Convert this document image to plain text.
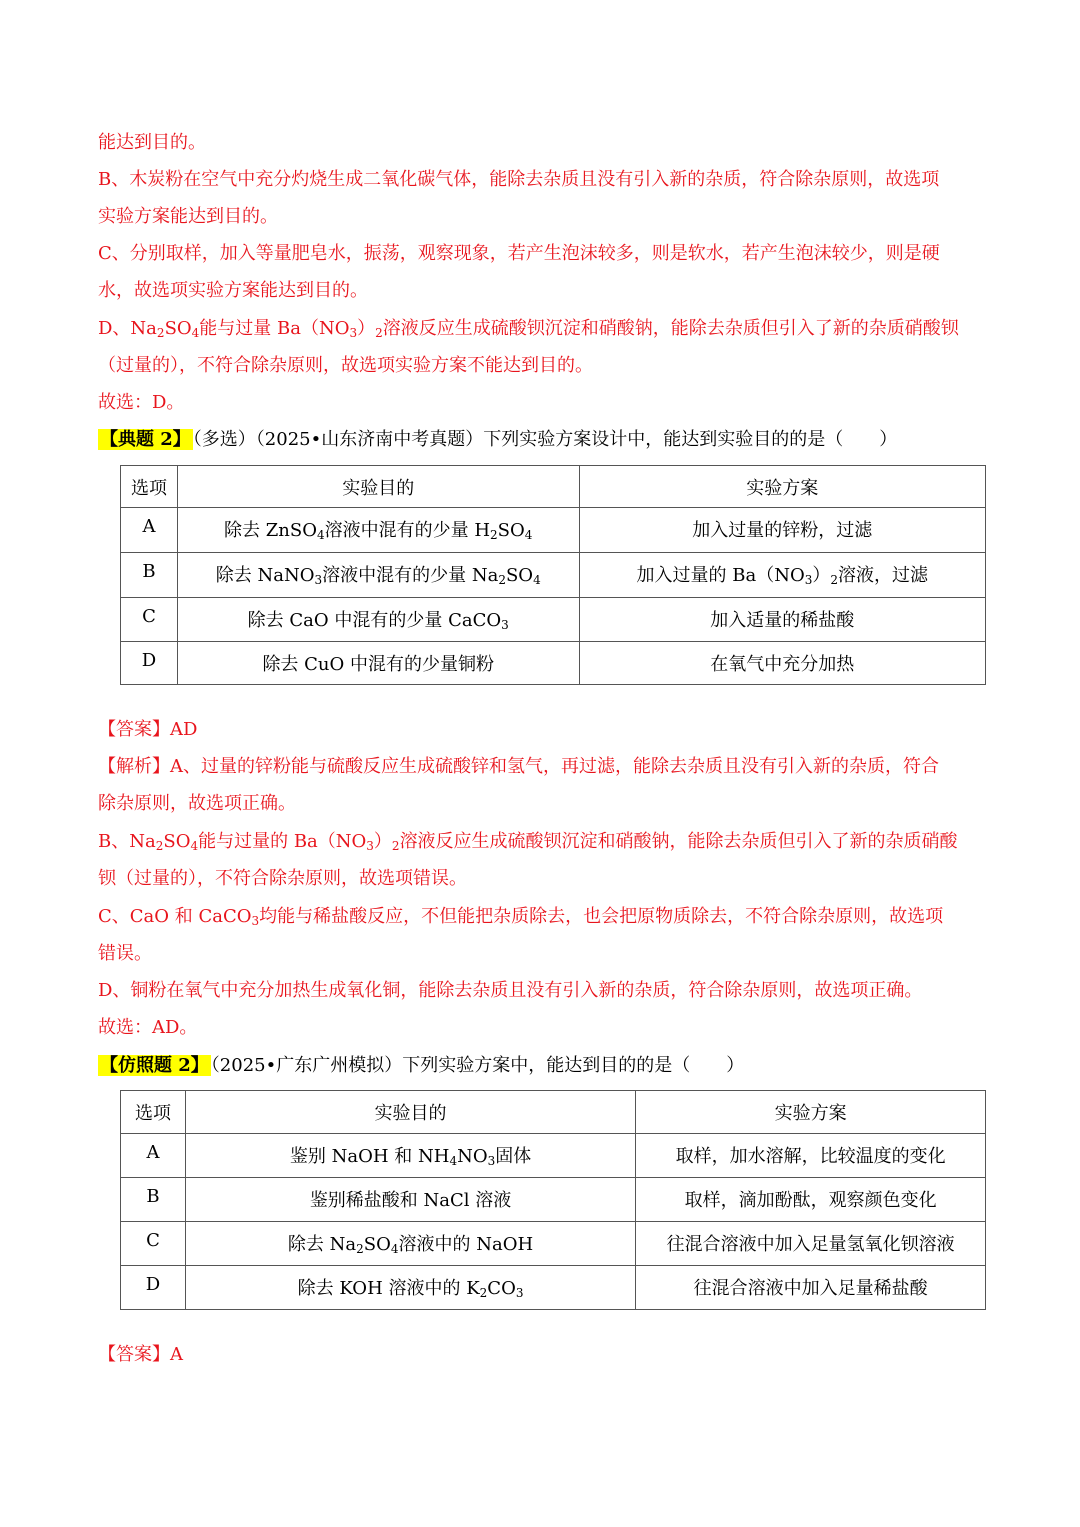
能达到目的。
B、木炭粉在空气中充分灼烧生成二氧化碳气体，能除去杂质且没有引入新的杂质，符合除杂原则，故选项
实验方案能达到目的。
C、分别取样，加入等量肥皂水，振荡，观察现象，若产生泡沫较多，则是软水，若产生泡沫较少，则是硬
水，故选项实验方案能达到目的。
D、$Na_2SO_4$能与过量 $Ba(NO_3)_2$溶液反应生成硫酸钡沉淀和硝酸钠，能除去杂质但引入了新的杂质硝酸钡
（过量的），不符合除杂原则，故选项实验方案不能达到目的。
故选：D。
【典题 2】 （多选）（2025•山东济南中考真题）下列实验方案设计中，能达到实验目的的是（　　）
选项	实验目的	实验方案
A	除去 ZnSO$_4$溶液中混有的少量 $H_2SO_4$	加入过量的锌粉，过滤
B	除去 NaNO$_3$溶液中混有的少量 $Na_2SO_4$	加入过量的 $Ba(NO_3)_2$溶液，过滤
C	除去 CaO 中混有的少量 CaCO$_3$	加入适量的稀盐酸
D	除去 CuO 中混有的少量铜粉	在氧气中充分加热
【答案】AD
【解析】A、过量的锌粉能与硫酸反应生成硫酸锌和氢气，再过滤，能除去杂质且没有引入新的杂质，符合
除杂原则，故选项正确。
B、$Na_2SO_4$能与过量的 $Ba(NO_3)_2$溶液反应生成硫酸钡沉淀和硝酸钠，能除去杂质但引入了新的杂质硝酸
钡（过量的），不符合除杂原则，故选项错误。
C、CaO 和 CaCO$_3$均能与稀盐酸反应，不但能把杂质除去，也会把原物质除去，不符合除杂原则，故选项
错误。
D、铜粉在氧气中充分加热生成氧化铜，能除去杂质且没有引入新的杂质，符合除杂原则，故选项正确。
故选：AD。
【仿照题 2】 （2025•广东广州模拟）下列实验方案中，能达到目的的是（　　）
选项	实验目的	实验方案
A	鉴别 NaOH 和 $NH_4NO_3$固体	取样，加水溶解，比较温度的变化
B	鉴别稀盐酸和 NaCl 溶液	取样，滴加酚酞，观察颜色变化
C	除去 $Na_2SO_4$溶液中的 NaOH	往混合溶液中加入足量氢氧化钡溶液
D	除去 KOH 溶液中的 $K_2CO_3$	往混合溶液中加入足量稀盐酸
【答案】A
